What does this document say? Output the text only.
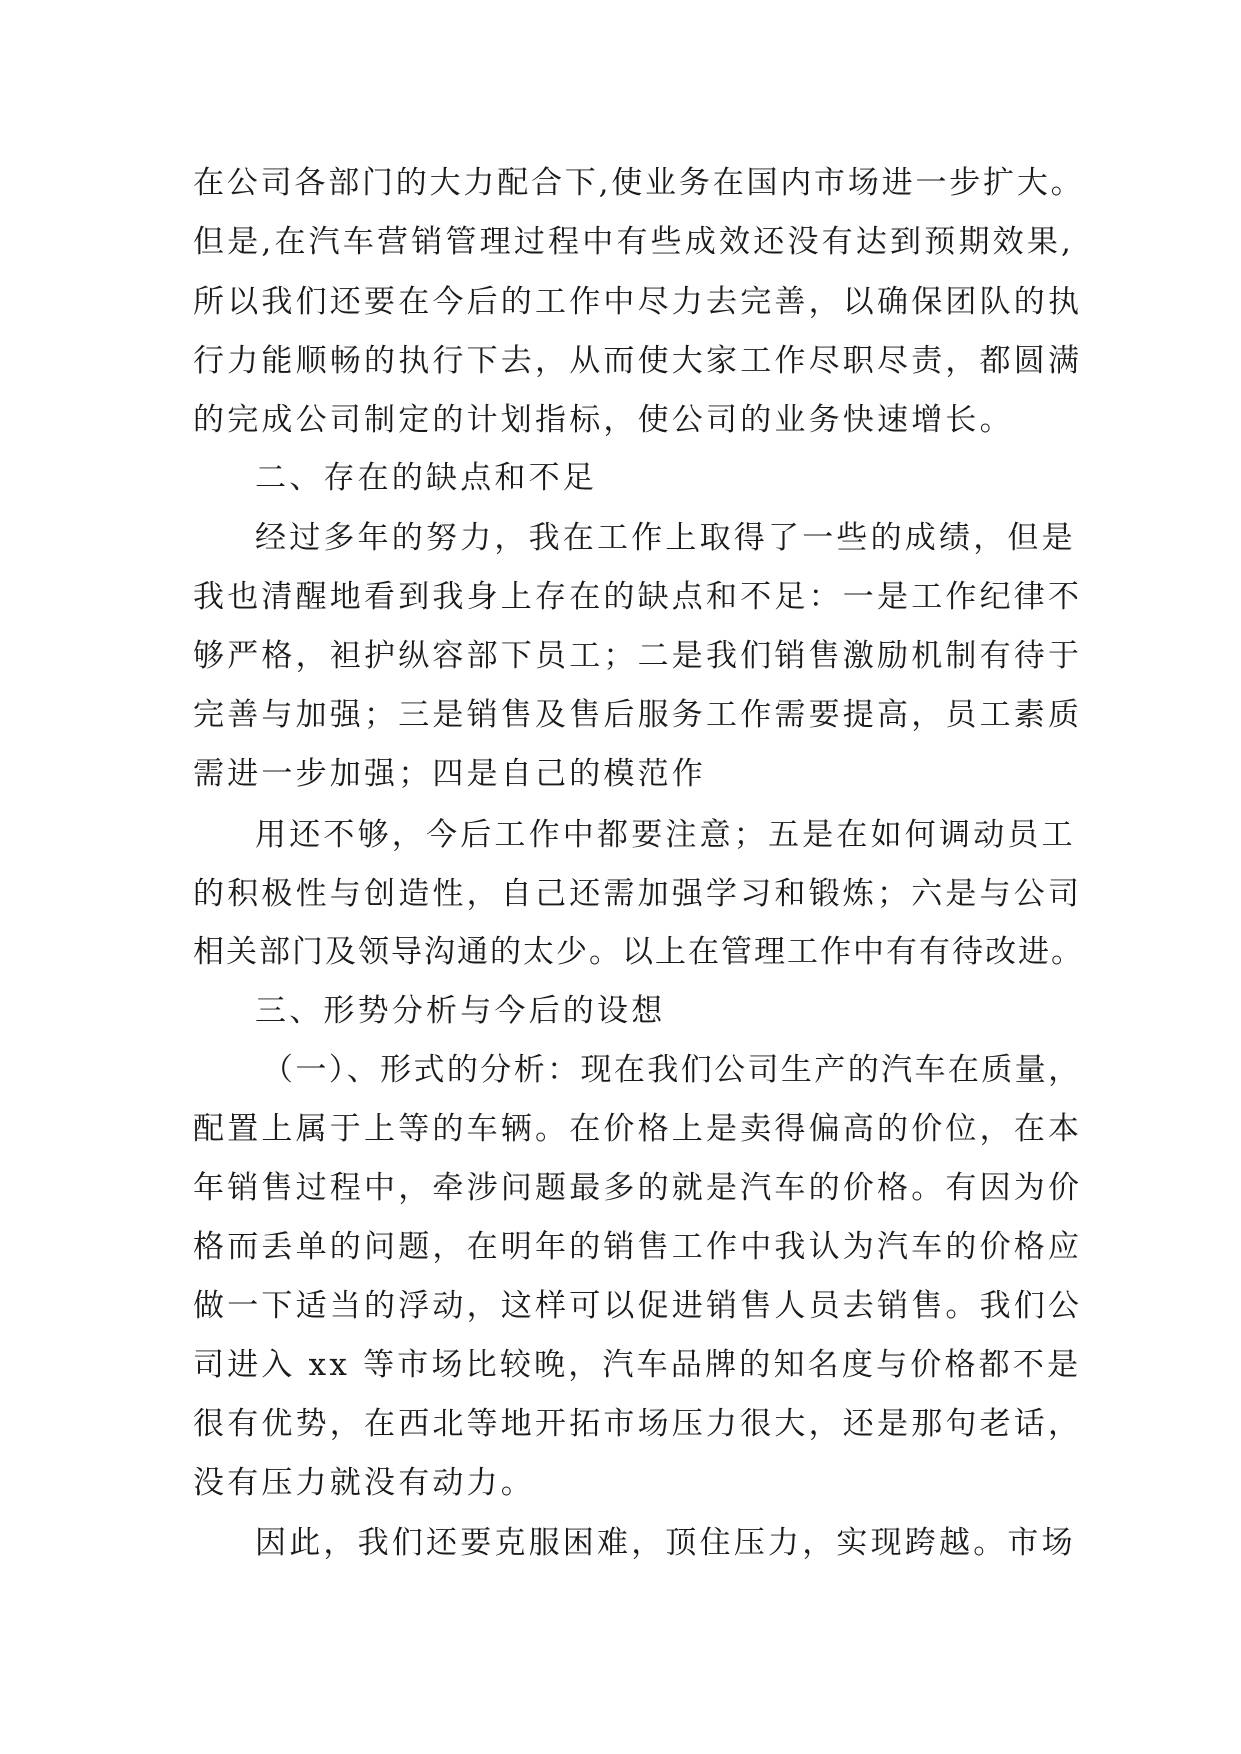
在公司各部门的大力配合下,使业务在国内市场进一步扩大。
但是,在汽车营销管理过程中有些成效还没有达到预期效果,
所以我们还要在今后的工作中尽力去完善，以确保团队的执
行力能顺畅的执行下去，从而使大家工作尽职尽责，都圆满
的完成公司制定的计划指标，使公司的业务快速增长。
二、存在的缺点和不足
经过多年的努力，我在工作上取得了一些的成绩，但是
我也清醒地看到我身上存在的缺点和不足：一是工作纪律不
够严格，袒护纵容部下员工；二是我们销售激励机制有待于
完善与加强；三是销售及售后服务工作需要提高，员工素质
需进一步加强；四是自己的模范作
用还不够，今后工作中都要注意；五是在如何调动员工
的积极性与创造性，自己还需加强学习和锻炼；六是与公司
相关部门及领导沟通的太少。以上在管理工作中有有待改进。
三、形势分析与今后的设想
（一）、形式的分析：现在我们公司生产的汽车在质量，
配置上属于上等的车辆。在价格上是卖得偏高的价位，在本
年销售过程中，牵涉问题最多的就是汽车的价格。有因为价
格而丢单的问题，在明年的销售工作中我认为汽车的价格应
做一下适当的浮动，这样可以促进销售人员去销售。我们公
司进入 xx 等市场比较晚，汽车品牌的知名度与价格都不是
很有优势，在西北等地开拓市场压力很大，还是那句老话，
没有压力就没有动力。
因此，我们还要克服困难，顶住压力，实现跨越。市场
